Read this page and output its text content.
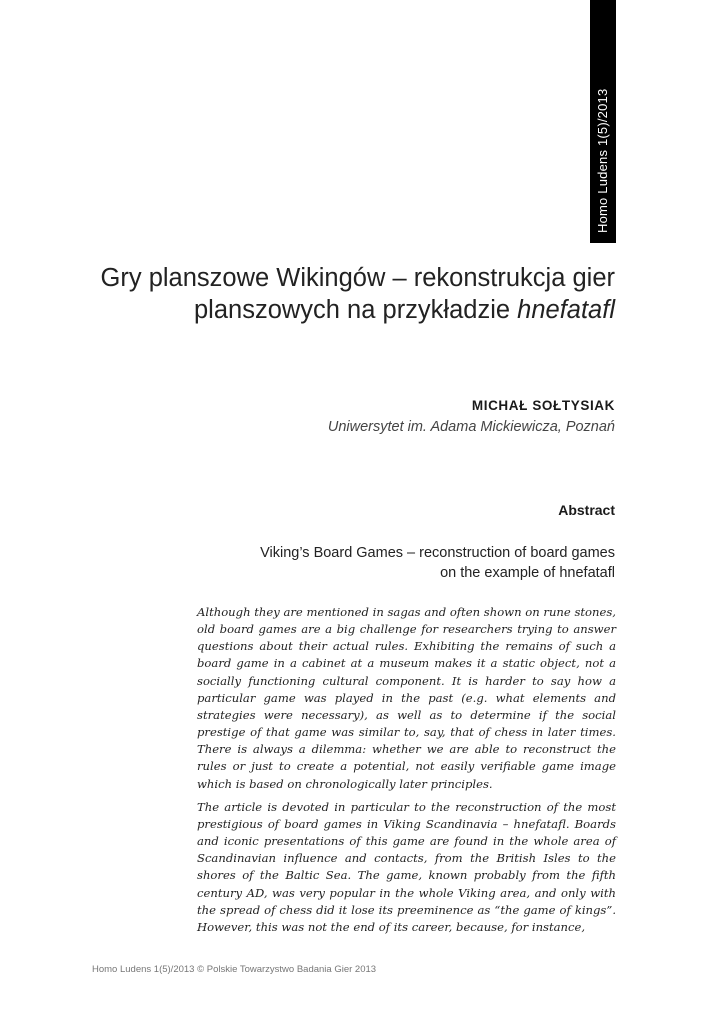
Homo Ludens 1(5)/2013
Gry planszowe Wikingów – rekonstrukcja gier
planszowych na przykładzie hnefatafl

MICHAŁ SOŁTYSIAK

Uniwersytet im. Adama Mickiewicza, Poznań

Abstract

Viking’s Board Games – reconstruction of board games
on the example of hnefatafl

Although they are mentioned in sagas and often shown on rune stones, old board games are a big challenge for researchers trying to answer questions about their actual rules. Exhibiting the remains of such a board game in a cabinet at a museum makes it a static object, not a socially functioning cultural component. It is harder to say how a particular game was played in the past (e.g. what elements and strategies were necessary), as well as to determine if the social prestige of that game was similar to, say, that of chess in later times. There is always a dilemma: whether we are able to reconstruct the rules or just to create a potential, not easily verifiable game image which is based on chronologically later principles.

The article is devoted in particular to the reconstruction of the most prestigious of board games in Viking Scandinavia – hnefatafl. Boards and iconic presentations of this game are found in the whole area of Scandinavian influence and contacts, from the British Isles to the shores of the Baltic Sea. The game, known probably from the fifth century AD, was very popular in the whole Viking area, and only with the spread of chess did it lose its preeminence as “the game of kings”. However, this was not the end of its career, because, for instance,

Homo Ludens 1(5)/2013 © Polskie Towarzystwo Badania Gier 2013
